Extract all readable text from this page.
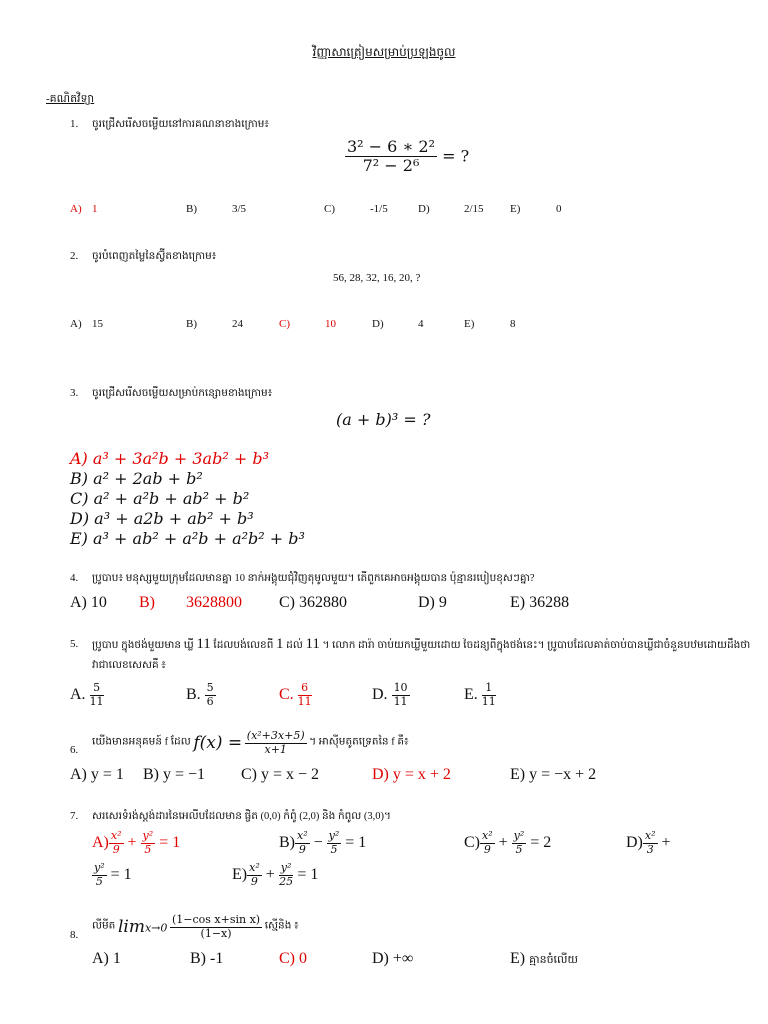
វិញ្ញាសាត្រៀមសម្រាប់ប្រឡងចូល
-គណិតវិទ្យា
1. ចូរជ្រើសរើសចម្លើយនៅការគណនាខាងក្រោម៖
$\frac{\text{3² − 6 ∗ 2²}}{\text{7² − 2⁶}}$ = ?
A) 1	B)	3/5	C)	-1/5	D)	2/15 E)	0
2. ចូរបំពេញតម្លៃនៃស្វ៊ីតខាងក្រោម៖
56, 28, 32, 16, 20, ?
A) 15	B)	24	C)	10	D)	4	E)	8
3. ចូរជ្រើសរើសចម្លើយសម្រាប់កន្សោមខាងក្រោម៖
(a + b)³ = ?
A) a³ + 3a²b + 3ab² + b³
B) a² + 2ab + b²
C) a² + a²b + ab² + b²
D) a³ + a2b + ab² + b³
E) a³ + ab² + a²b + a²b² + b³
4. ប្រូបាប៖ មនុស្សមួយក្រុមដែលមានគ្នា 10 នាក់អង្គុយជុំវិញតុមូលមួយ។ តើពួកគេអាចអង្គុយបាន ប៉ុន្មានរបៀបខុសៗគ្នា?
A) 10 B) 3628800 C) 362880	D) 9	E) 36288
5. ប្រូបាប ក្នុងថង់មួយមាន ឃ្លី 11 ដែលបង់លេខពី 1 ដល់ 11 ។ លោក ដារ៉ា ចាប់យកឃ្លីមួយដោយ ចៃដន្យពីក្នុងថង់នេះ។ ប្រូបាបដែលគាត់ចាប់បានឃ្លីជាចំនួនបឋមដោយដឹងថា
វាជាលេខសេសគឺ ៖
A. $\frac{5}{11}$	B. $\frac{5}{6}$	C. $\frac{6}{11}$	D. $\frac{10}{11}$	E. $\frac{1}{11}$
6.
យើងមានអនុគមន៍ f ដែល $f(x) = \frac{\text{(x²+3x+5)}}{x+1}$ ។ អាស៊ីមតូតទ្រេតនៃ f គឺ៖
A) y = 1 B) y = −1 C) y = x − 2	D) y = x + 2	E) y = −x + 2
7. សរសេរទំរង់ស្តង់ដារនៃអេលីបដែលមាន ផ្ចិត (0,0) កំពូំ (2,0) និង កំពូល (3,0)។
$A) \frac{\text{x²}}{9} + \frac{\text{y²}}{5} = 1$	$B) \frac{\text{x²}}{9} - \frac{\text{y²}}{5} = 1$	$C) \frac{\text{x²}}{9} + \frac{\text{y²}}{5} = 2$	$D) \frac{\text{x²}}{3}$ +
$\frac{\text{y²}}{5} = 1$	$E) \frac{\text{x²}}{9} + \frac{\text{y²}}{25} = 1$
8.
លីមីត $\lim x\to 0 \frac{\text{(1−cos x+sin x)}}{(1-x)}$ ស្មើនិង ៖
A) 1	B) -1	C) 0	D) +∞	E) គ្មានចំលើយ
